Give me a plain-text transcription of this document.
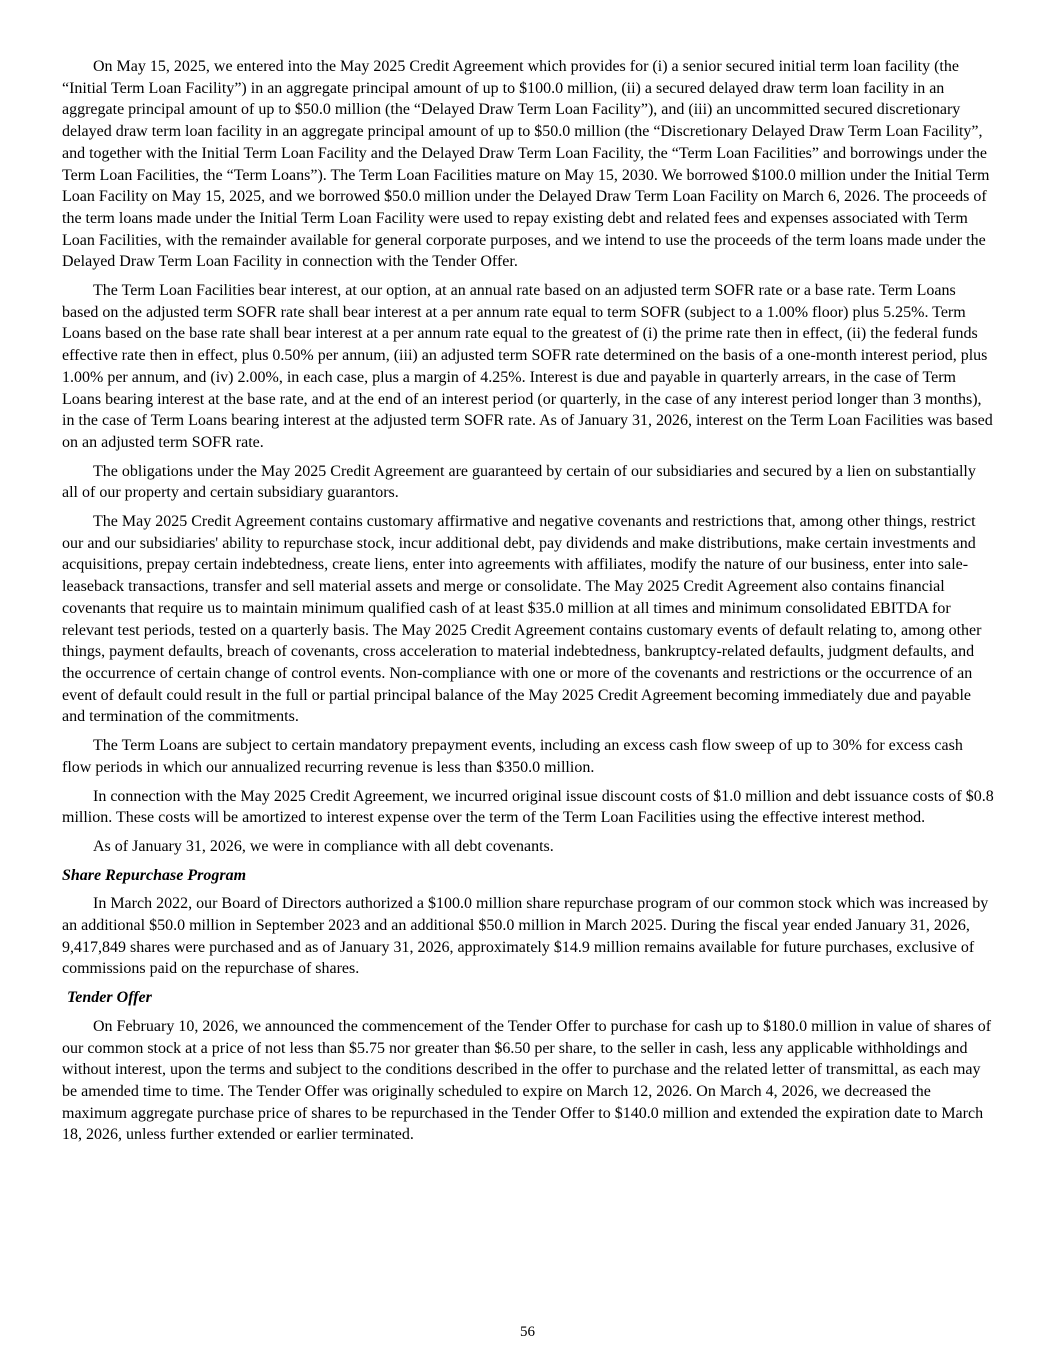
On May 15, 2025, we entered into the May 2025 Credit Agreement which provides for (i) a senior secured initial term loan facility (the “Initial Term Loan Facility”) in an aggregate principal amount of up to $100.0 million, (ii) a secured delayed draw term loan facility in an aggregate principal amount of up to $50.0 million (the “Delayed Draw Term Loan Facility”), and (iii) an uncommitted secured discretionary delayed draw term loan facility in an aggregate principal amount of up to $50.0 million (the “Discretionary Delayed Draw Term Loan Facility”, and together with the Initial Term Loan Facility and the Delayed Draw Term Loan Facility, the “Term Loan Facilities” and borrowings under the Term Loan Facilities, the “Term Loans”). The Term Loan Facilities mature on May 15, 2030. We borrowed $100.0 million under the Initial Term Loan Facility on May 15, 2025, and we borrowed $50.0 million under the Delayed Draw Term Loan Facility on March 6, 2026. The proceeds of the term loans made under the Initial Term Loan Facility were used to repay existing debt and related fees and expenses associated with Term Loan Facilities, with the remainder available for general corporate purposes, and we intend to use the proceeds of the term loans made under the Delayed Draw Term Loan Facility in connection with the Tender Offer.

The Term Loan Facilities bear interest, at our option, at an annual rate based on an adjusted term SOFR rate or a base rate. Term Loans based on the adjusted term SOFR rate shall bear interest at a per annum rate equal to term SOFR (subject to a 1.00% floor) plus 5.25%. Term Loans based on the base rate shall bear interest at a per annum rate equal to the greatest of (i) the prime rate then in effect, (ii) the federal funds effective rate then in effect, plus 0.50% per annum, (iii) an adjusted term SOFR rate determined on the basis of a one-month interest period, plus 1.00% per annum, and (iv) 2.00%, in each case, plus a margin of 4.25%. Interest is due and payable in quarterly arrears, in the case of Term Loans bearing interest at the base rate, and at the end of an interest period (or quarterly, in the case of any interest period longer than 3 months), in the case of Term Loans bearing interest at the adjusted term SOFR rate. As of January 31, 2026, interest on the Term Loan Facilities was based on an adjusted term SOFR rate.

The obligations under the May 2025 Credit Agreement are guaranteed by certain of our subsidiaries and secured by a lien on substantially all of our property and certain subsidiary guarantors.

The May 2025 Credit Agreement contains customary affirmative and negative covenants and restrictions that, among other things, restrict our and our subsidiaries' ability to repurchase stock, incur additional debt, pay dividends and make distributions, make certain investments and acquisitions, prepay certain indebtedness, create liens, enter into agreements with affiliates, modify the nature of our business, enter into sale-leaseback transactions, transfer and sell material assets and merge or consolidate. The May 2025 Credit Agreement also contains financial covenants that require us to maintain minimum qualified cash of at least $35.0 million at all times and minimum consolidated EBITDA for relevant test periods, tested on a quarterly basis. The May 2025 Credit Agreement contains customary events of default relating to, among other things, payment defaults, breach of covenants, cross acceleration to material indebtedness, bankruptcy-related defaults, judgment defaults, and the occurrence of certain change of control events. Non-compliance with one or more of the covenants and restrictions or the occurrence of an event of default could result in the full or partial principal balance of the May 2025 Credit Agreement becoming immediately due and payable and termination of the commitments.

The Term Loans are subject to certain mandatory prepayment events, including an excess cash flow sweep of up to 30% for excess cash flow periods in which our annualized recurring revenue is less than $350.0 million.

In connection with the May 2025 Credit Agreement, we incurred original issue discount costs of $1.0 million and debt issuance costs of $0.8 million. These costs will be amortized to interest expense over the term of the Term Loan Facilities using the effective interest method.

As of January 31, 2026, we were in compliance with all debt covenants.

Share Repurchase Program

In March 2022, our Board of Directors authorized a $100.0 million share repurchase program of our common stock which was increased by an additional $50.0 million in September 2023 and an additional $50.0 million in March 2025. During the fiscal year ended January 31, 2026, 9,417,849 shares were purchased and as of January 31, 2026, approximately $14.9 million remains available for future purchases, exclusive of commissions paid on the repurchase of shares.

Tender Offer

On February 10, 2026, we announced the commencement of the Tender Offer to purchase for cash up to $180.0 million in value of shares of our common stock at a price of not less than $5.75 nor greater than $6.50 per share, to the seller in cash, less any applicable withholdings and without interest, upon the terms and subject to the conditions described in the offer to purchase and the related letter of transmittal, as each may be amended time to time. The Tender Offer was originally scheduled to expire on March 12, 2026. On March 4, 2026, we decreased the maximum aggregate purchase price of shares to be repurchased in the Tender Offer to $140.0 million and extended the expiration date to March 18, 2026, unless further extended or earlier terminated.

56
